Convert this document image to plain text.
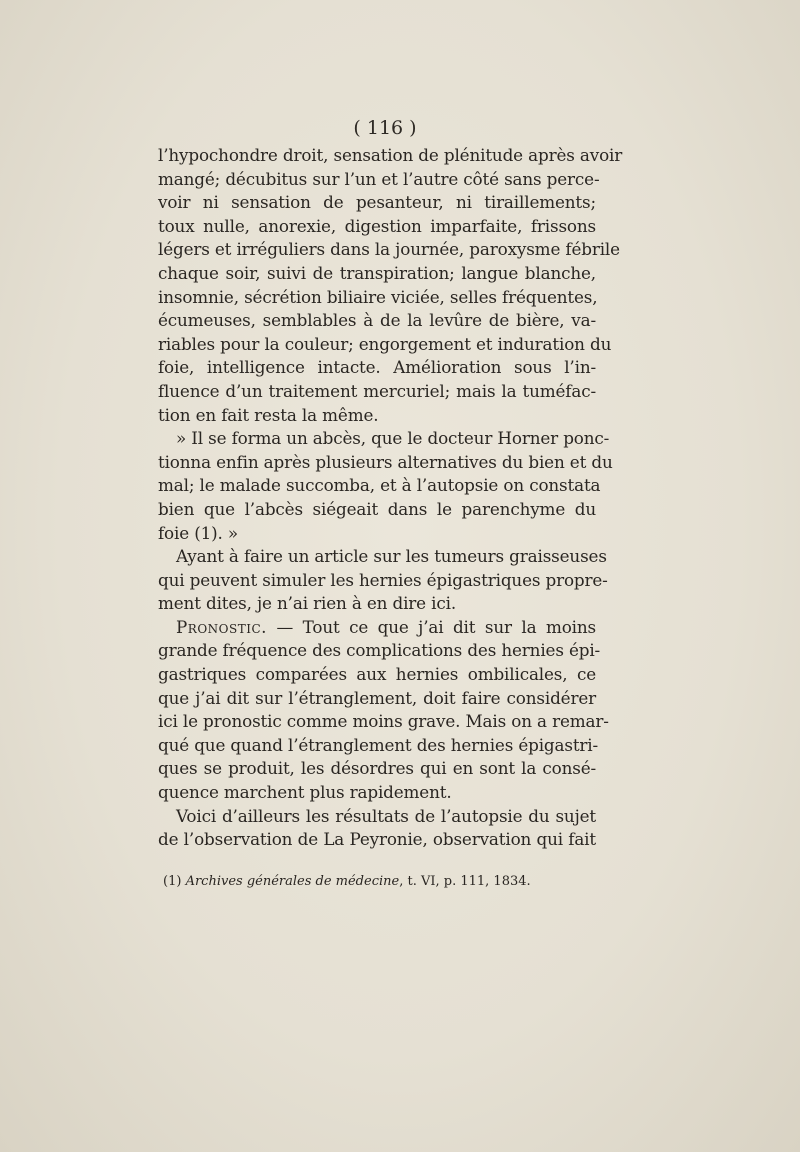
( 116 )

l’hypochondre droit, sensation de plénitude après avoir
mangé; décubitus sur l’un et l’autre côté sans perce-
voir ni sensation de pesanteur, ni tiraillements;
toux nulle, anorexie, digestion imparfaite, frissons
légers et irréguliers dans la journée, paroxysme fébrile
chaque soir, suivi de transpiration; langue blanche,
insomnie, sécrétion biliaire viciée, selles fréquentes,
écumeuses, semblables à de la levûre de bière, va-
riables pour la couleur; engorgement et induration du
foie, intelligence intacte. Amélioration sous l’in-
fluence d’un traitement mercuriel; mais la tuméfac-
tion en fait resta la même.
» Il se forma un abcès, que le docteur Horner ponc-
tionna enfin après plusieurs alternatives du bien et du
mal; le malade succomba, et à l’autopsie on constata
bien que l’abcès siégeait dans le parenchyme du
foie (1). »
Ayant à faire un article sur les tumeurs graisseuses
qui peuvent simuler les hernies épigastriques propre-
ment dites, je n’ai rien à en dire ici.
Pronostic. — Tout ce que j’ai dit sur la moins
grande fréquence des complications des hernies épi-
gastriques comparées aux hernies ombilicales, ce
que j’ai dit sur l’étranglement, doit faire considérer
ici le pronostic comme moins grave. Mais on a remar-
qué que quand l’étranglement des hernies épigastri-
ques se produit, les désordres qui en sont la consé-
quence marchent plus rapidement.
Voici d’ailleurs les résultats de l’autopsie du sujet
de l’observation de La Peyronie, observation qui fait

(1) Archives générales de médecine, t. VI, p. 111, 1834.
